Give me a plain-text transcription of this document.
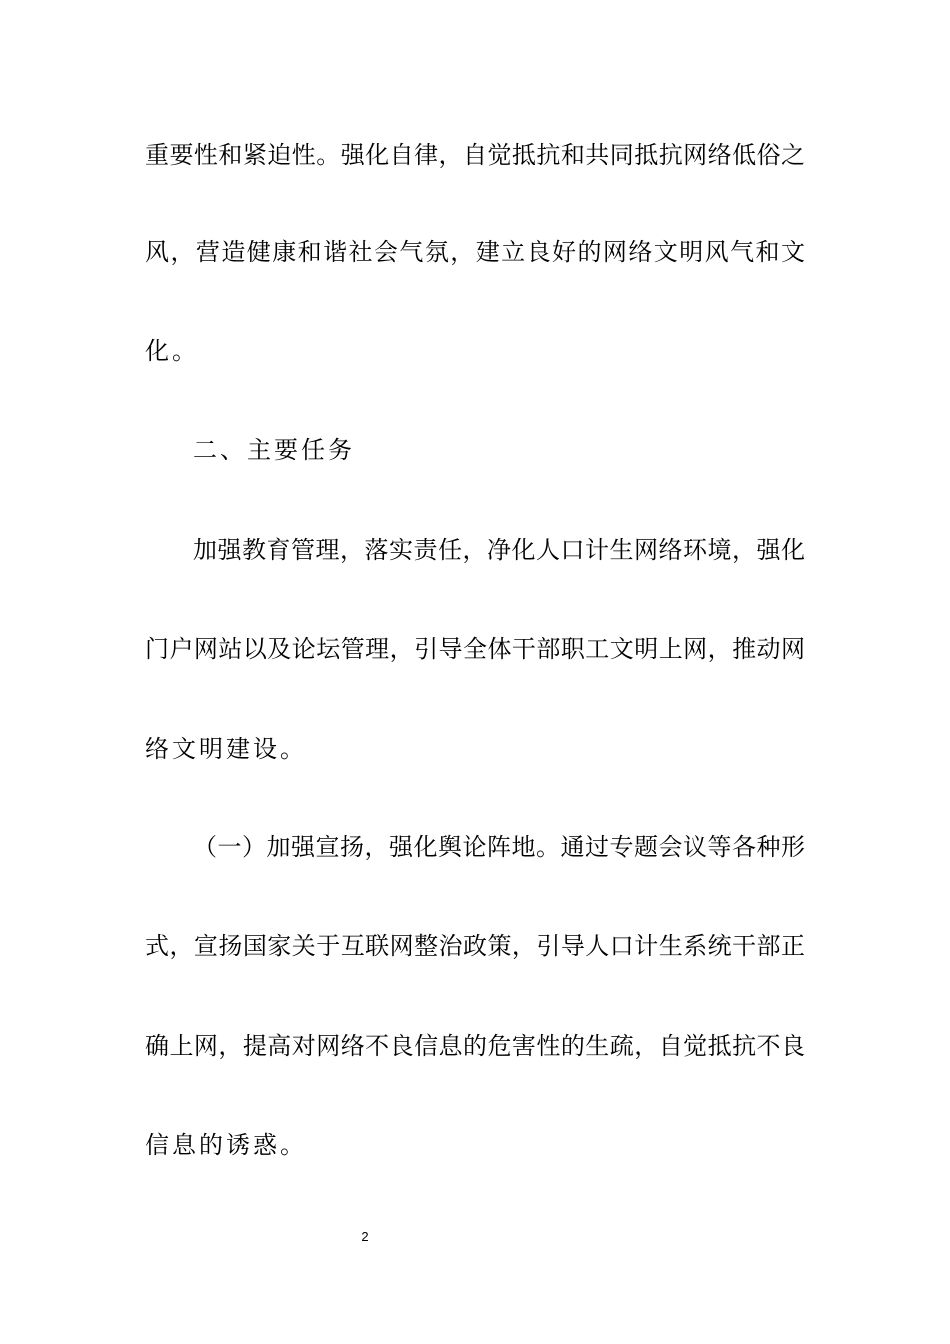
重要性和紧迫性。强化自律，自觉抵抗和共同抵抗网络低俗之
风，营造健康和谐社会气氛，建立良好的网络文明风气和文
化。
二、主要任务
加强教育管理，落实责任，净化人口计生网络环境，强化
门户网站以及论坛管理，引导全体干部职工文明上网，推动网
络文明建设。
（一）加强宣扬，强化舆论阵地。通过专题会议等各种形
式，宣扬国家关于互联网整治政策，引导人口计生系统干部正
确上网，提高对网络不良信息的危害性的生疏，自觉抵抗不良
信息的诱惑。
2
